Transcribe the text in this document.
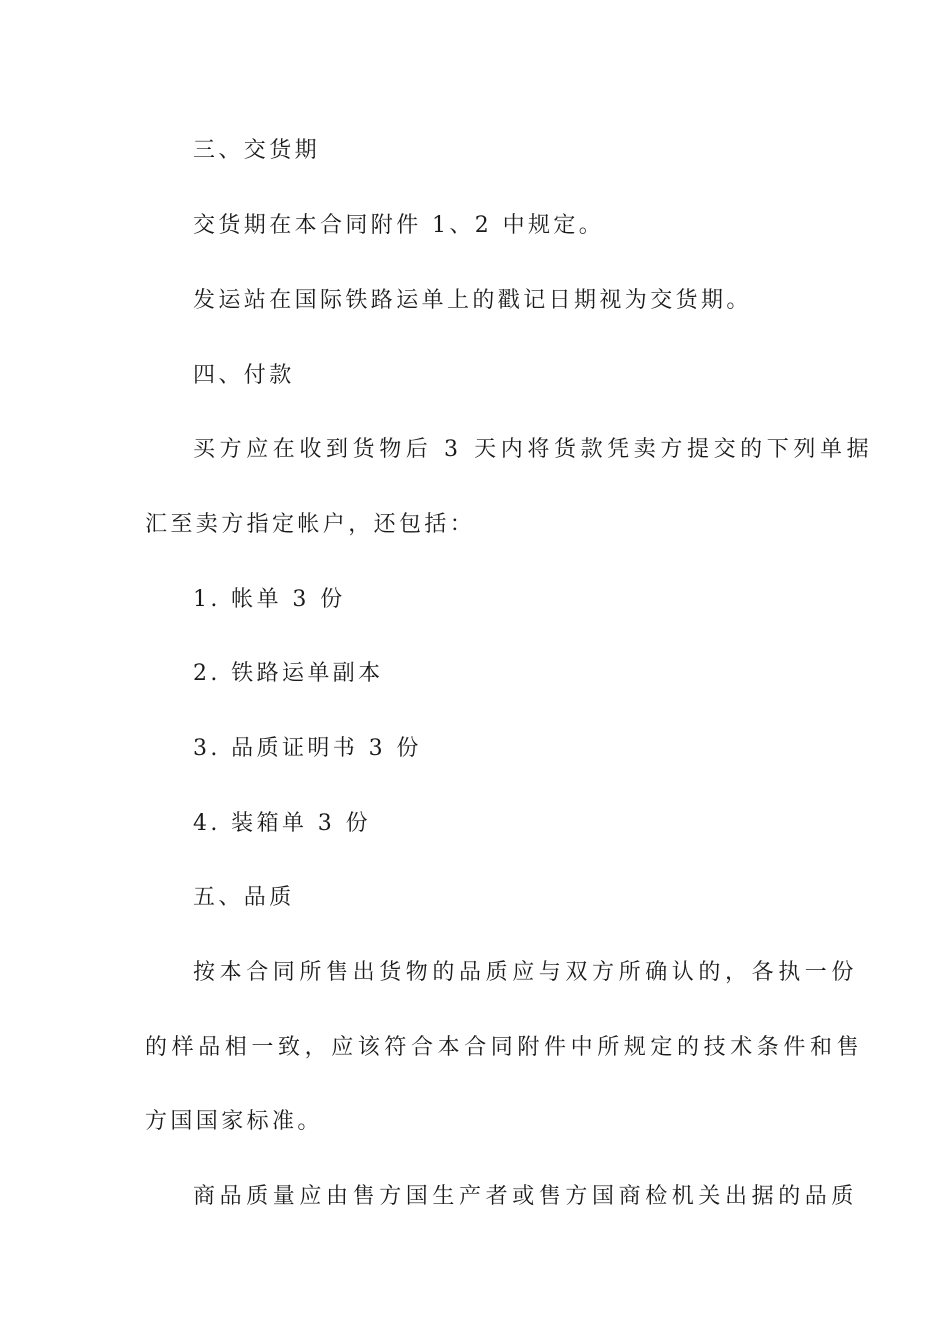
三、交货期

交货期在本合同附件 1、2 中规定。

发运站在国际铁路运单上的戳记日期视为交货期。

四、付款

买方应在收到货物后 3 天内将货款凭卖方提交的下列单据

汇至卖方指定帐户，还包括：

1. 帐单 3 份

2. 铁路运单副本

3. 品质证明书 3 份

4. 装箱单 3 份

五、品质

按本合同所售出货物的品质应与双方所确认的，各执一份

的样品相一致，应该符合本合同附件中所规定的技术条件和售

方国国家标准。

商品质量应由售方国生产者或售方国商检机关出据的品质
